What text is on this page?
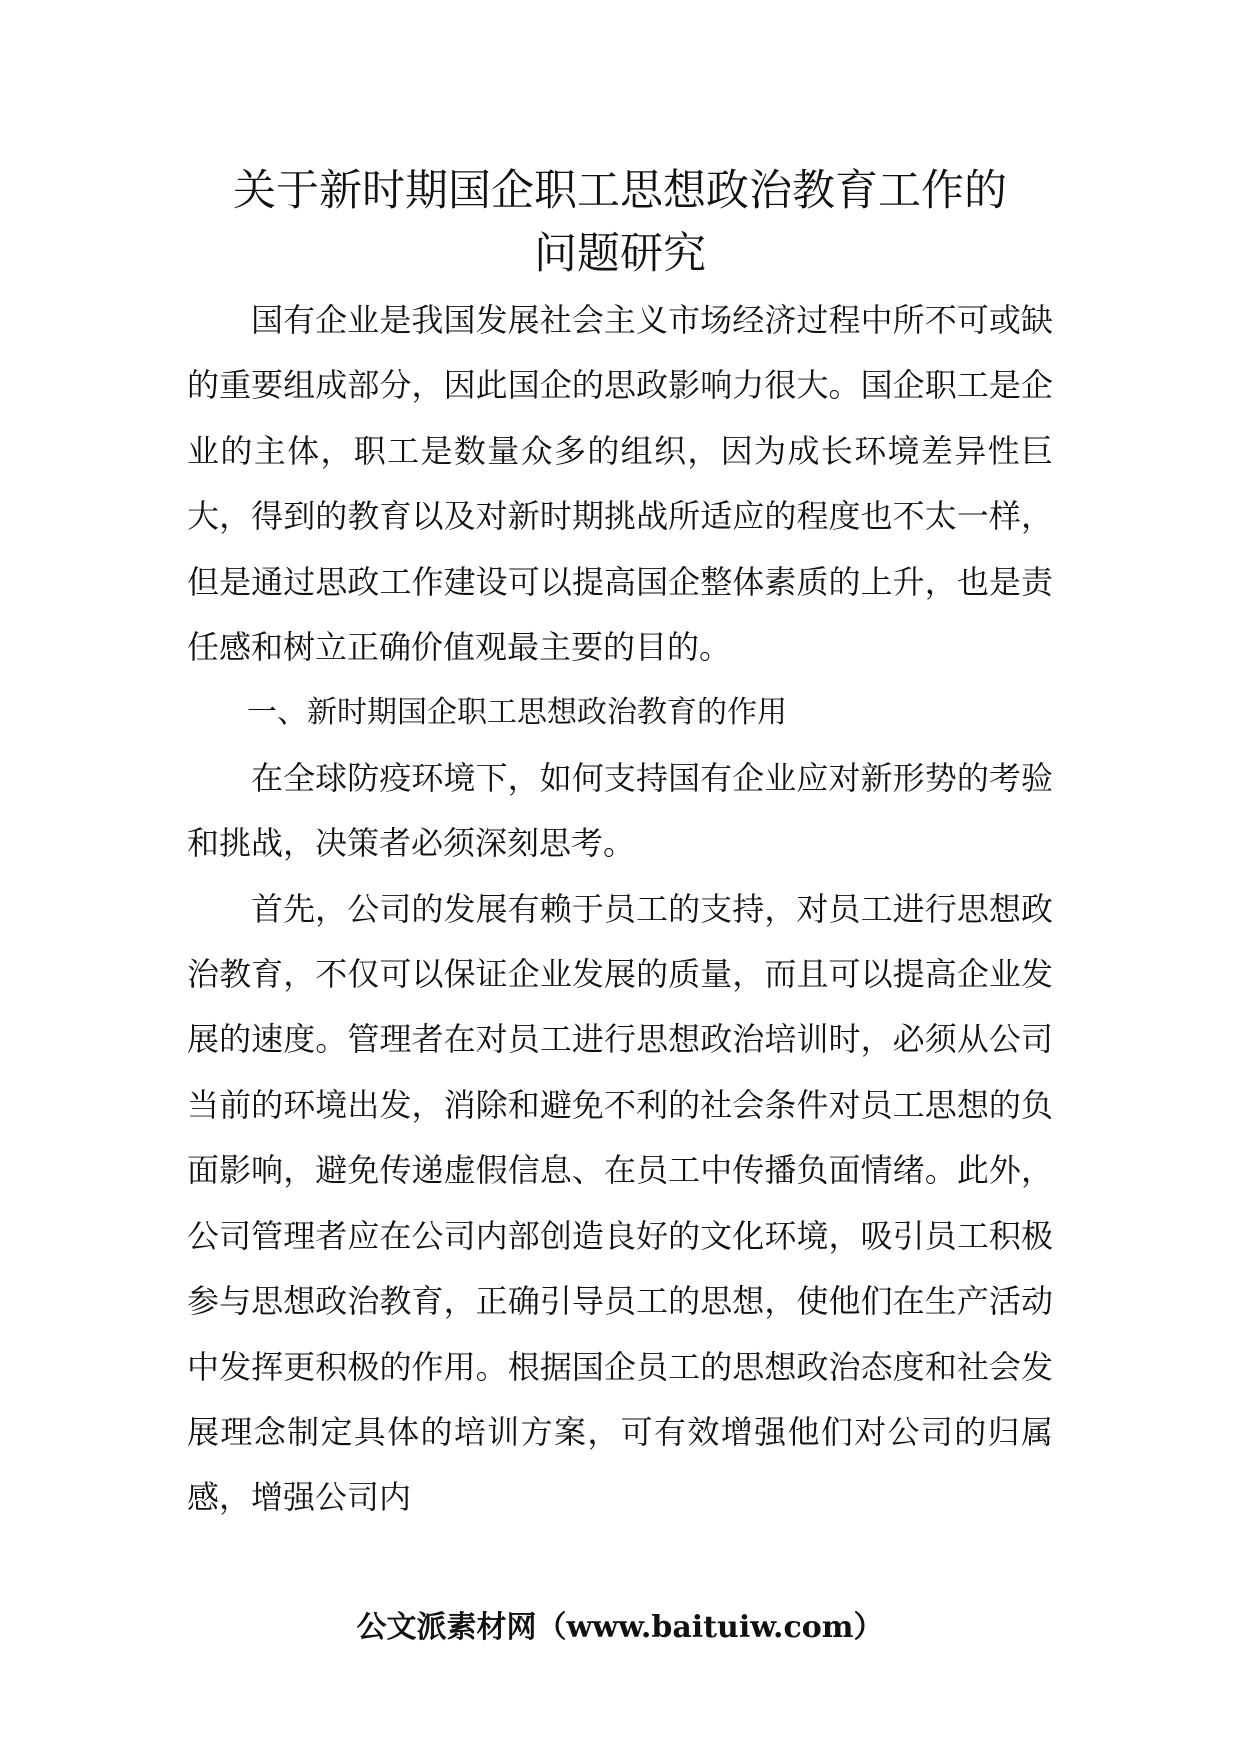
关于新时期国企职工思想政治教育工作的
问题研究

国有企业是我国发展社会主义市场经济过程中所不可或缺的重要组成部分，因此国企的思政影响力很大。国企职工是企业的主体，职工是数量众多的组织，因为成长环境差异性巨大，得到的教育以及对新时期挑战所适应的程度也不太一样，但是通过思政工作建设可以提高国企整体素质的上升，也是责任感和树立正确价值观最主要的目的。

一、新时期国企职工思想政治教育的作用

在全球防疫环境下，如何支持国有企业应对新形势的考验和挑战，决策者必须深刻思考。

首先，公司的发展有赖于员工的支持，对员工进行思想政治教育，不仅可以保证企业发展的质量，而且可以提高企业发展的速度。管理者在对员工进行思想政治培训时，必须从公司当前的环境出发，消除和避免不利的社会条件对员工思想的负面影响，避免传递虚假信息、在员工中传播负面情绪。此外，公司管理者应在公司内部创造良好的文化环境，吸引员工积极参与思想政治教育，正确引导员工的思想，使他们在生产活动中发挥更积极的作用。根据国企员工的思想政治态度和社会发展理念制定具体的培训方案，可有效增强他们对公司的归属感，增强公司内

公文派素材网（www.baituiw.com）
